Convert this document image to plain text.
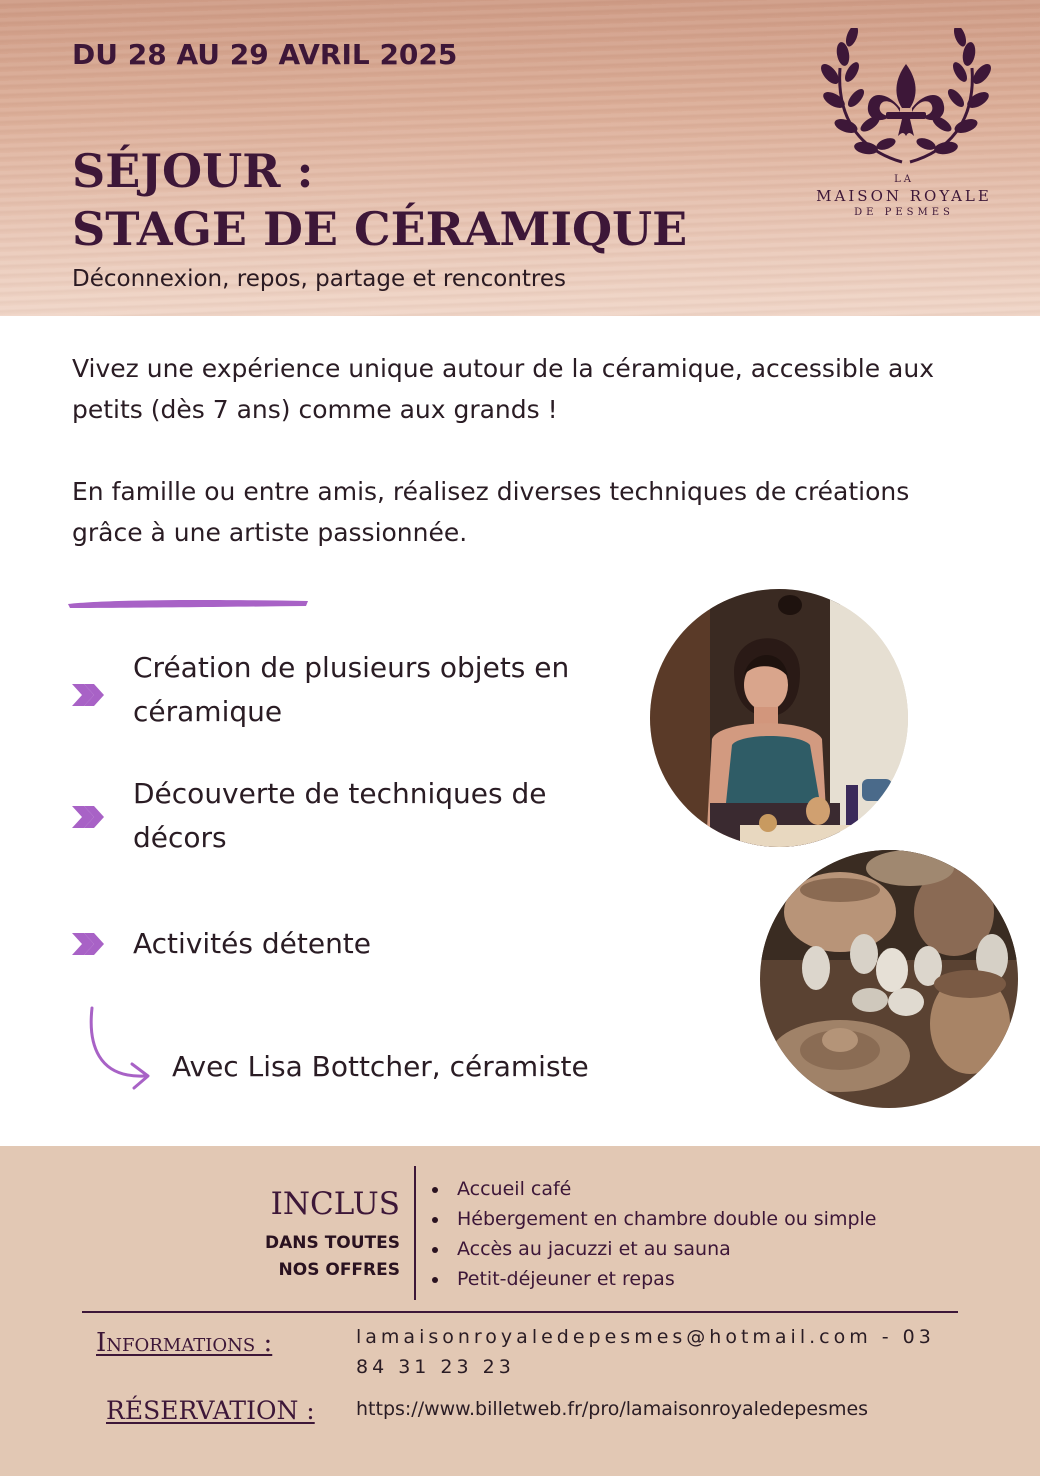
DU 28 AU 29 AVRIL 2025
SÉJOUR :
STAGE DE CÉRAMIQUE
Déconnexion, repos, partage et rencontres
LA
MAISON ROYALE
DE PESMES

Vivez une expérience unique autour de la céramique, accessible aux petits (dès 7 ans) comme aux grands !

En famille ou entre amis, réalisez diverses techniques de créations grâce à une artiste passionnée.

Création de plusieurs objets en céramique
Découverte de techniques de décors
Activités détente
Avec Lisa Bottcher, céramiste
INCLUS
DANS TOUTES
NOS OFFRES
Accueil café
Hébergement en chambre double ou simple
Accès au jacuzzi et au sauna
Petit-déjeuner et repas
Informations :	lamaisonroyaledepesmes@hotmail.com - 03 84 31 23 23
RÉSERVATION : https://www.billetweb.fr/pro/lamaisonroyaledepesmes
